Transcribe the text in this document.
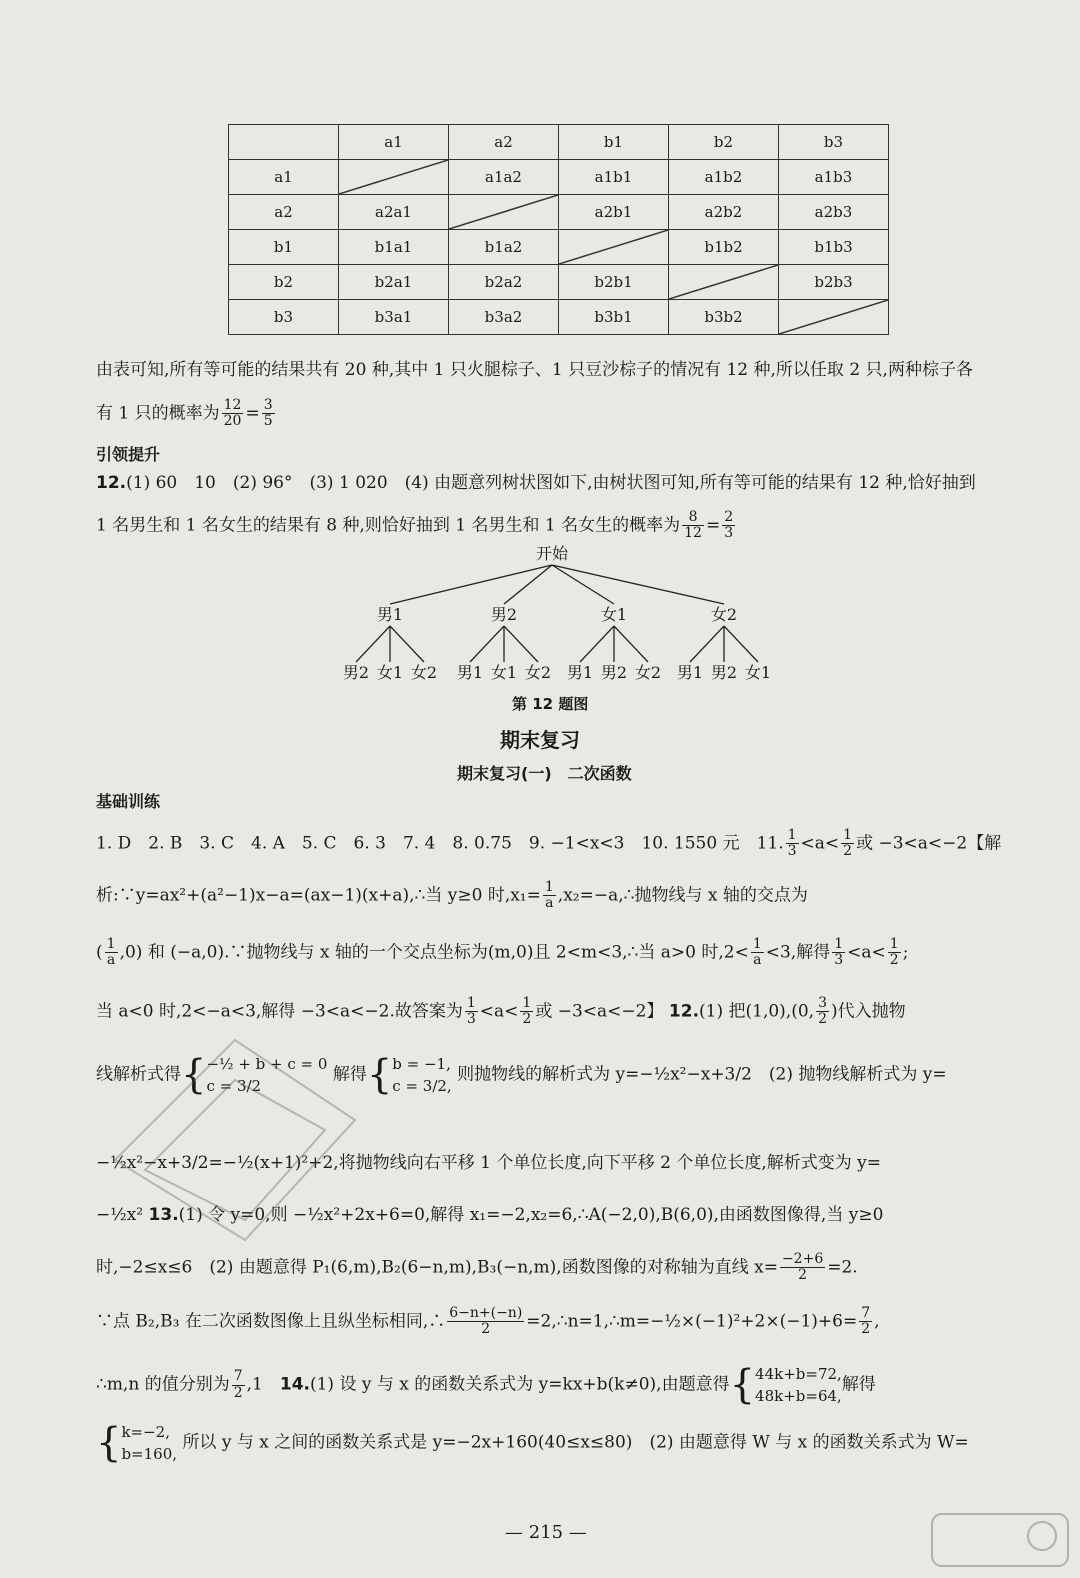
	a1	a2	b1	b2	b3
a1		a1a2	a1b1	a1b2	a1b3
a2	a2a1		a2b1	a2b2	a2b3
b1	b1a1	b1a2		b1b2	b1b3
b2	b2a1	b2a2	b2b1		b2b3
b3	b3a1	b3a2	b3b1	b3b2	
由表可知,所有等可能的结果共有 20 种,其中 1 只火腿棕子、1 只豆沙棕子的情况有 12 种,所以任取 2 只,两种棕子各
有 1 只的概率为 $\frac{12}{20} = \frac{3}{5}$
引领提升
12.(1) 60　10　(2) 96°　(3) 1 020　(4) 由题意列树状图如下,由树状图可知,所有等可能的结果有 12 种,恰好抽到
1 名男生和 1 名女生的结果有 8 种,则恰好抽到 1 名男生和 1 名女生的概率为 $\frac{8}{12} = \frac{2}{3}$
开始
男1
男2 女1 女2
男2
男1 女1 女2
女1
男1 男2 女2
女2
男1 男2 女1
第 12 题图
期末复习
期末复习(一)　二次函数
基础训练
1. D　2. B　3. C　4. A　5. C　6. 3　7. 4　8. 0.75　9. −1<x<3　10. 1550 元　11. $\frac{1}{3} <a< \frac{1}{2}$ 或 −3<a<−2【解
析:∵y=ax²+(a²−1)x−a=(ax−1)(x+a),∴当 y≥0 时$,x_1= \frac{1}{a}$ ,x₂=−a,∴抛物线与 x 轴的交点为
( $\frac{1}{a} ,0$) 和 (−a,0).∵抛物线与 x 轴的一个交点坐标为(m,0)且 2<m<3,∴当 a>0 时$,2< \frac{1}{a} <3$,解得 $\frac{1}{3} <a< \frac{1}{2}$ ;
当 a<0 时,2<−a<3,解得 −3<a<−2.故答案为 $\frac{1}{3} <a< \frac{1}{2}$ 或 −3<a<−2】 12.(1) 把(1,0),(0, $\frac{3}{2}$ )代入抛物
线解析式得{−½ + b + c = 0
c = 3/2 解得{b = −1,
c = 3/2, 则抛物线的解析式为 y=−½x²−x+3/2　(2) 抛物线解析式为 y=
−½x²−x+3/2=−½(x+1)²+2,将抛物线向右平移 1 个单位长度,向下平移 2 个单位长度,解析式变为 y=
−½x² 13.(1) 令 y=0,则 −½x²+2x+6=0,解得 x₁=−2,x₂=6,∴A(−2,0),B(6,0),由函数图像得,当 y≥0
时,−2≤x≤6　(2) 由题意得 P₁(6,m),B₂(6−n,m),B₃(−n,m),函数图像的对称轴为直线 $x= \frac{-2+6}{2} =2$.
∵点 B₂,B₃ 在二次函数图像上且纵坐标相同,∴ $\frac{6-n+(-n)}{2}$ =2,∴n=1,∴m=−½×(−1)²+2×(−1)+6= $\frac{7}{2}$ ,
∴m,n 的值分别为 $\frac{7}{2} ,1$　 14.(1) 设 y 与 x 的函数关系式为 y=kx+b(k≠0),由题意得{44k+b=72,
48k+b=64,解得
{k=−2,
b=160, 所以 y 与 x 之间的函数关系式是 y=−2x+160(40≤x≤80)　(2) 由题意得 W 与 x 的函数关系式为 W=
— 215 —
